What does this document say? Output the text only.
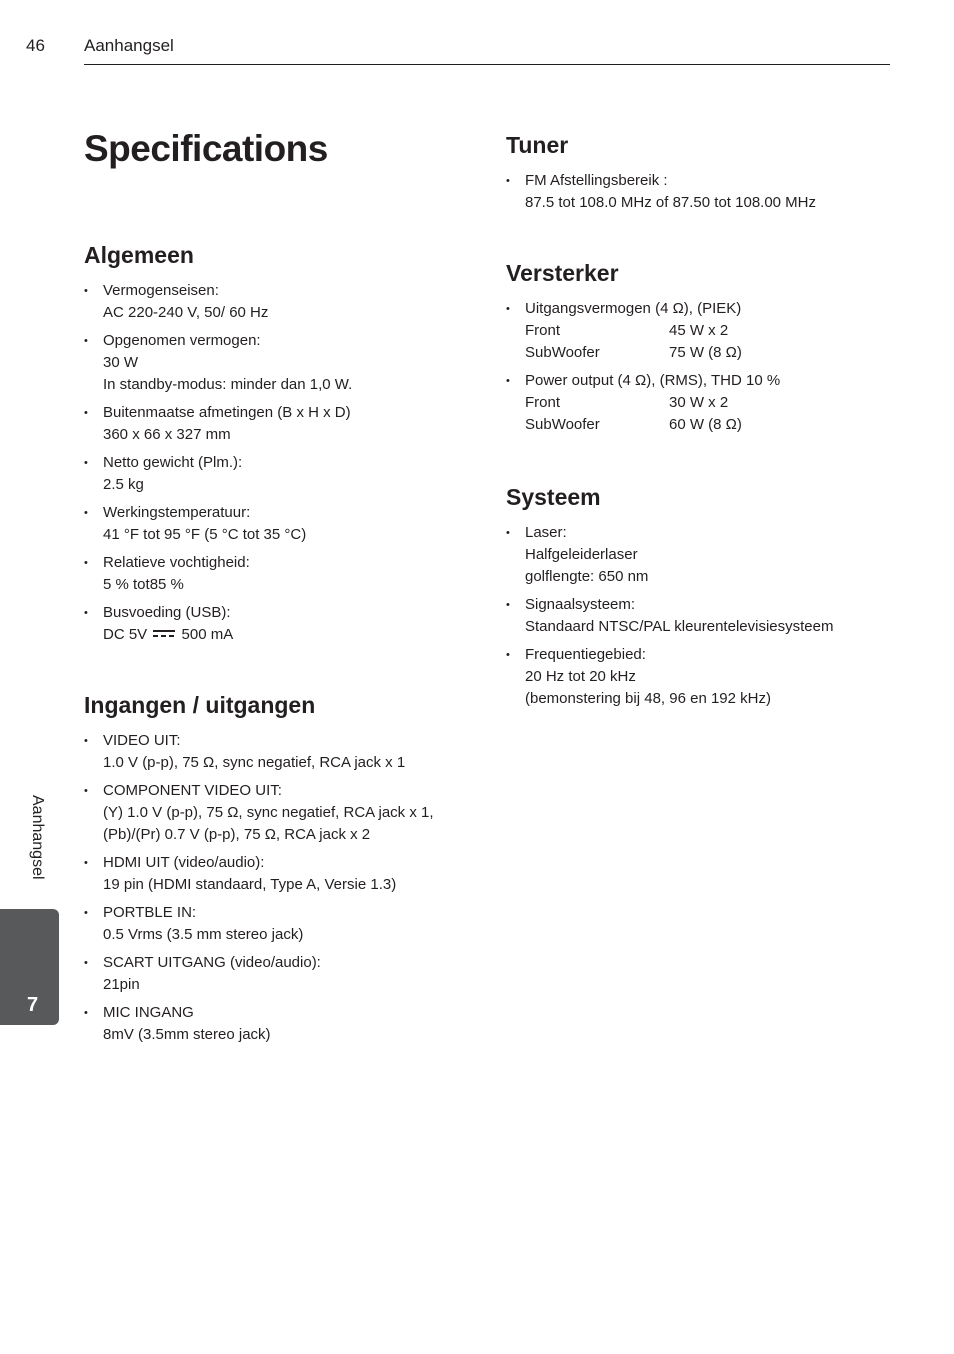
46 Aanhangsel
Specifications
Algemeen
• Vermogenseisen:
AC 220-240 V, 50/ 60 Hz
• Opgenomen vermogen:
30 W
In standby-modus: minder dan 1,0 W.
• Buitenmaatse afmetingen (B x H x D)
360 x 66 x 327 mm
• Netto gewicht (Plm.):
2.5 kg
• Werkingstemperatuur:
41 °F tot 95 °F (5 °C tot 35 °C)
• Relatieve vochtigheid:
5 % tot85 %
• Busvoeding (USB):
DC 5V 500 mA
Ingangen / uitgangen
• VIDEO UIT:
1.0 V (p-p), 75 Ω, sync negatief, RCA jack x 1
• COMPONENT VIDEO UIT:
(Y) 1.0 V (p-p), 75 Ω, sync negatief, RCA jack x 1,
(Pb)/(Pr) 0.7 V (p-p), 75 Ω, RCA jack x 2
• HDMI UIT (video/audio):
19 pin (HDMI standaard, Type A, Versie 1.3)
• PORTBLE IN:
0.5 Vrms (3.5 mm stereo jack)
• SCART UITGANG (video/audio):
21pin
• MIC INGANG
8mV (3.5mm stereo jack)
Tuner
• FM Afstellingsbereik :
87.5 tot 108.0 MHz of 87.50 tot 108.00 MHz
Versterker
• Uitgangsvermogen (4 Ω), (PIEK)
Front	45 W x 2
SubWoofer	75 W (8 Ω)
• Power output (4 Ω), (RMS), THD 10 %
Front	30 W x 2
SubWoofer	60 W (8 Ω)
Systeem
• Laser:
Halfgeleiderlaser
golflengte: 650 nm
• Signaalsysteem:
Standaard NTSC/PAL kleurentelevisiesysteem
• Frequentiegebied:
20 Hz tot 20 kHz
(bemonstering bij 48, 96 en 192 kHz)
Aanhangsel
7
